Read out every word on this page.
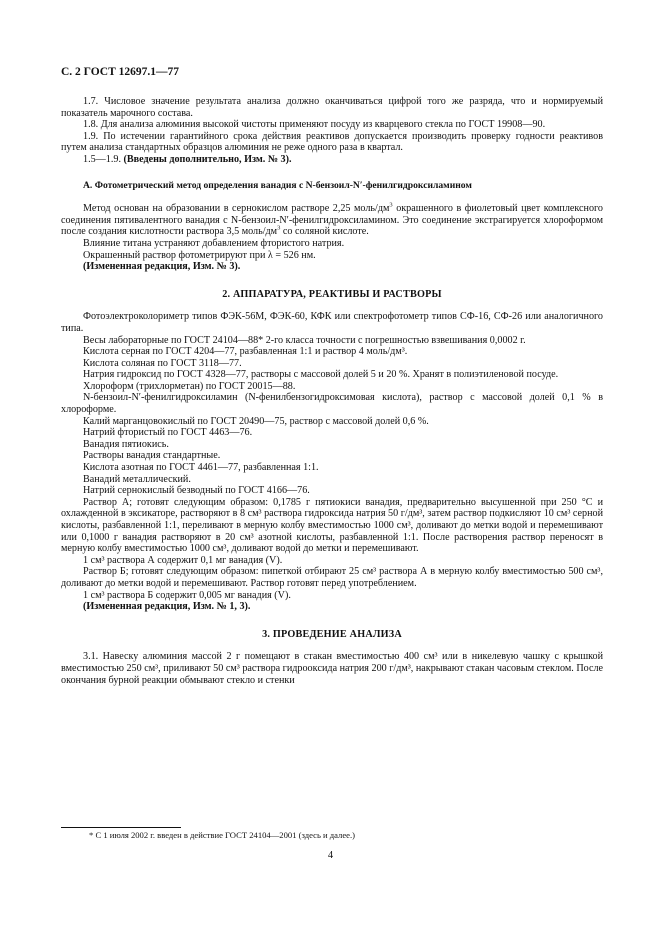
С. 2 ГОСТ 12697.1—77

1.7. Числовое значение результата анализа должно оканчиваться цифрой того же разряда, что и нормируемый показатель марочного состава.

1.8. Для анализа алюминия высокой чистоты применяют посуду из кварцевого стекла по ГОСТ 19908—90.

1.9. По истечении гарантийного срока действия реактивов допускается производить проверку годности реактивов путем анализа стандартных образцов алюминия не реже одного раза в квартал.

1.5—1.9. (Введены дополнительно, Изм. № 3).

А. Фотометрический метод определения ванадия с N-бензоил-N′-фенилгидроксиламином

Метод основан на образовании в сернокислом растворе 2,25 моль/$дм^3$ окрашенного в фиолетовый цвет комплексного соединения пятивалентного ванадия с N-бензоил-N′-фенилгидроксиламином. Это соединение экстрагируется хлороформом после создания кислотности раствора 3,5 моль/$дм^3$ со соляной кислоте.

Влияние титана устраняют добавлением фтористого натрия.

Окрашенный раствор фотометрируют при λ = 526 нм.

(Измененная редакция, Изм. № 3).

2. АППАРАТУРА, РЕАКТИВЫ И РАСТВОРЫ

Фотоэлектроколориметр типов ФЭК-56М, ФЭК-60, КФК или спектрофотометр типов СФ-16, СФ-26 или аналогичного типа.

Весы лабораторные по ГОСТ 24104—88* 2-го класса точности с погрешностью взвешивания 0,0002 г.

Кислота серная по ГОСТ 4204—77, разбавленная 1:1 и раствор 4 моль/дм³.

Кислота соляная по ГОСТ 3118—77.

Натрия гидроксид по ГОСТ 4328—77, растворы с массовой долей 5 и 20 %. Хранят в полиэтиленовой посуде.

Хлороформ (трихлорметан) по ГОСТ 20015—88.

N-бензоил-N′-фенилгидроксиламин (N-фенилбензогидроксимовая кислота), раствор с массовой долей 0,1 % в хлороформе.

Калий марганцовокислый по ГОСТ 20490—75, раствор с массовой долей 0,6 %.

Натрий фтористый по ГОСТ 4463—76.

Ванадия пятиокись.

Растворы ванадия стандартные.

Кислота азотная по ГОСТ 4461—77, разбавленная 1:1.

Ванадий металлический.

Натрий сернокислый безводный по ГОСТ 4166—76.

Раствор А; готовят следующим образом: 0,1785 г пятиокиси ванадия, предварительно высушенной при 250 °С и охлажденной в эксикаторе, растворяют в 8 см³ раствора гидроксида натрия 50 г/дм³, затем раствор подкисляют 10 см³ серной кислоты, разбавленной 1:1, переливают в мерную колбу вместимостью 1000 см³, доливают до метки водой и перемешивают или 0,1000 г ванадия растворяют в 20 см³ азотной кислоты, разбавленной 1:1. После растворения раствор переносят в мерную колбу вместимостью 1000 см³, доливают водой до метки и перемешивают.

1 см³ раствора А содержит 0,1 мг ванадия (V).

Раствор Б; готовят следующим образом: пипеткой отбирают 25 см³ раствора А в мерную колбу вместимостью 500 см³, доливают до метки водой и перемешивают. Раствор готовят перед употреблением.

1 см³ раствора Б содержит 0,005 мг ванадия (V).

(Измененная редакция, Изм. № 1, 3).

3. ПРОВЕДЕНИЕ АНАЛИЗА

3.1. Навеску алюминия массой 2 г помещают в стакан вместимостью 400 см³ или в никелевую чашку с крышкой вместимостью 250 см³, приливают 50 см³ раствора гидроокcида натрия 200 г/дм³, накрывают стакан часовым стеклом. После окончания бурной реакции обмывают стекло и стенки

* С 1 июля 2002 г. введен в действие ГОСТ 24104—2001 (здесь и далее.)
4
